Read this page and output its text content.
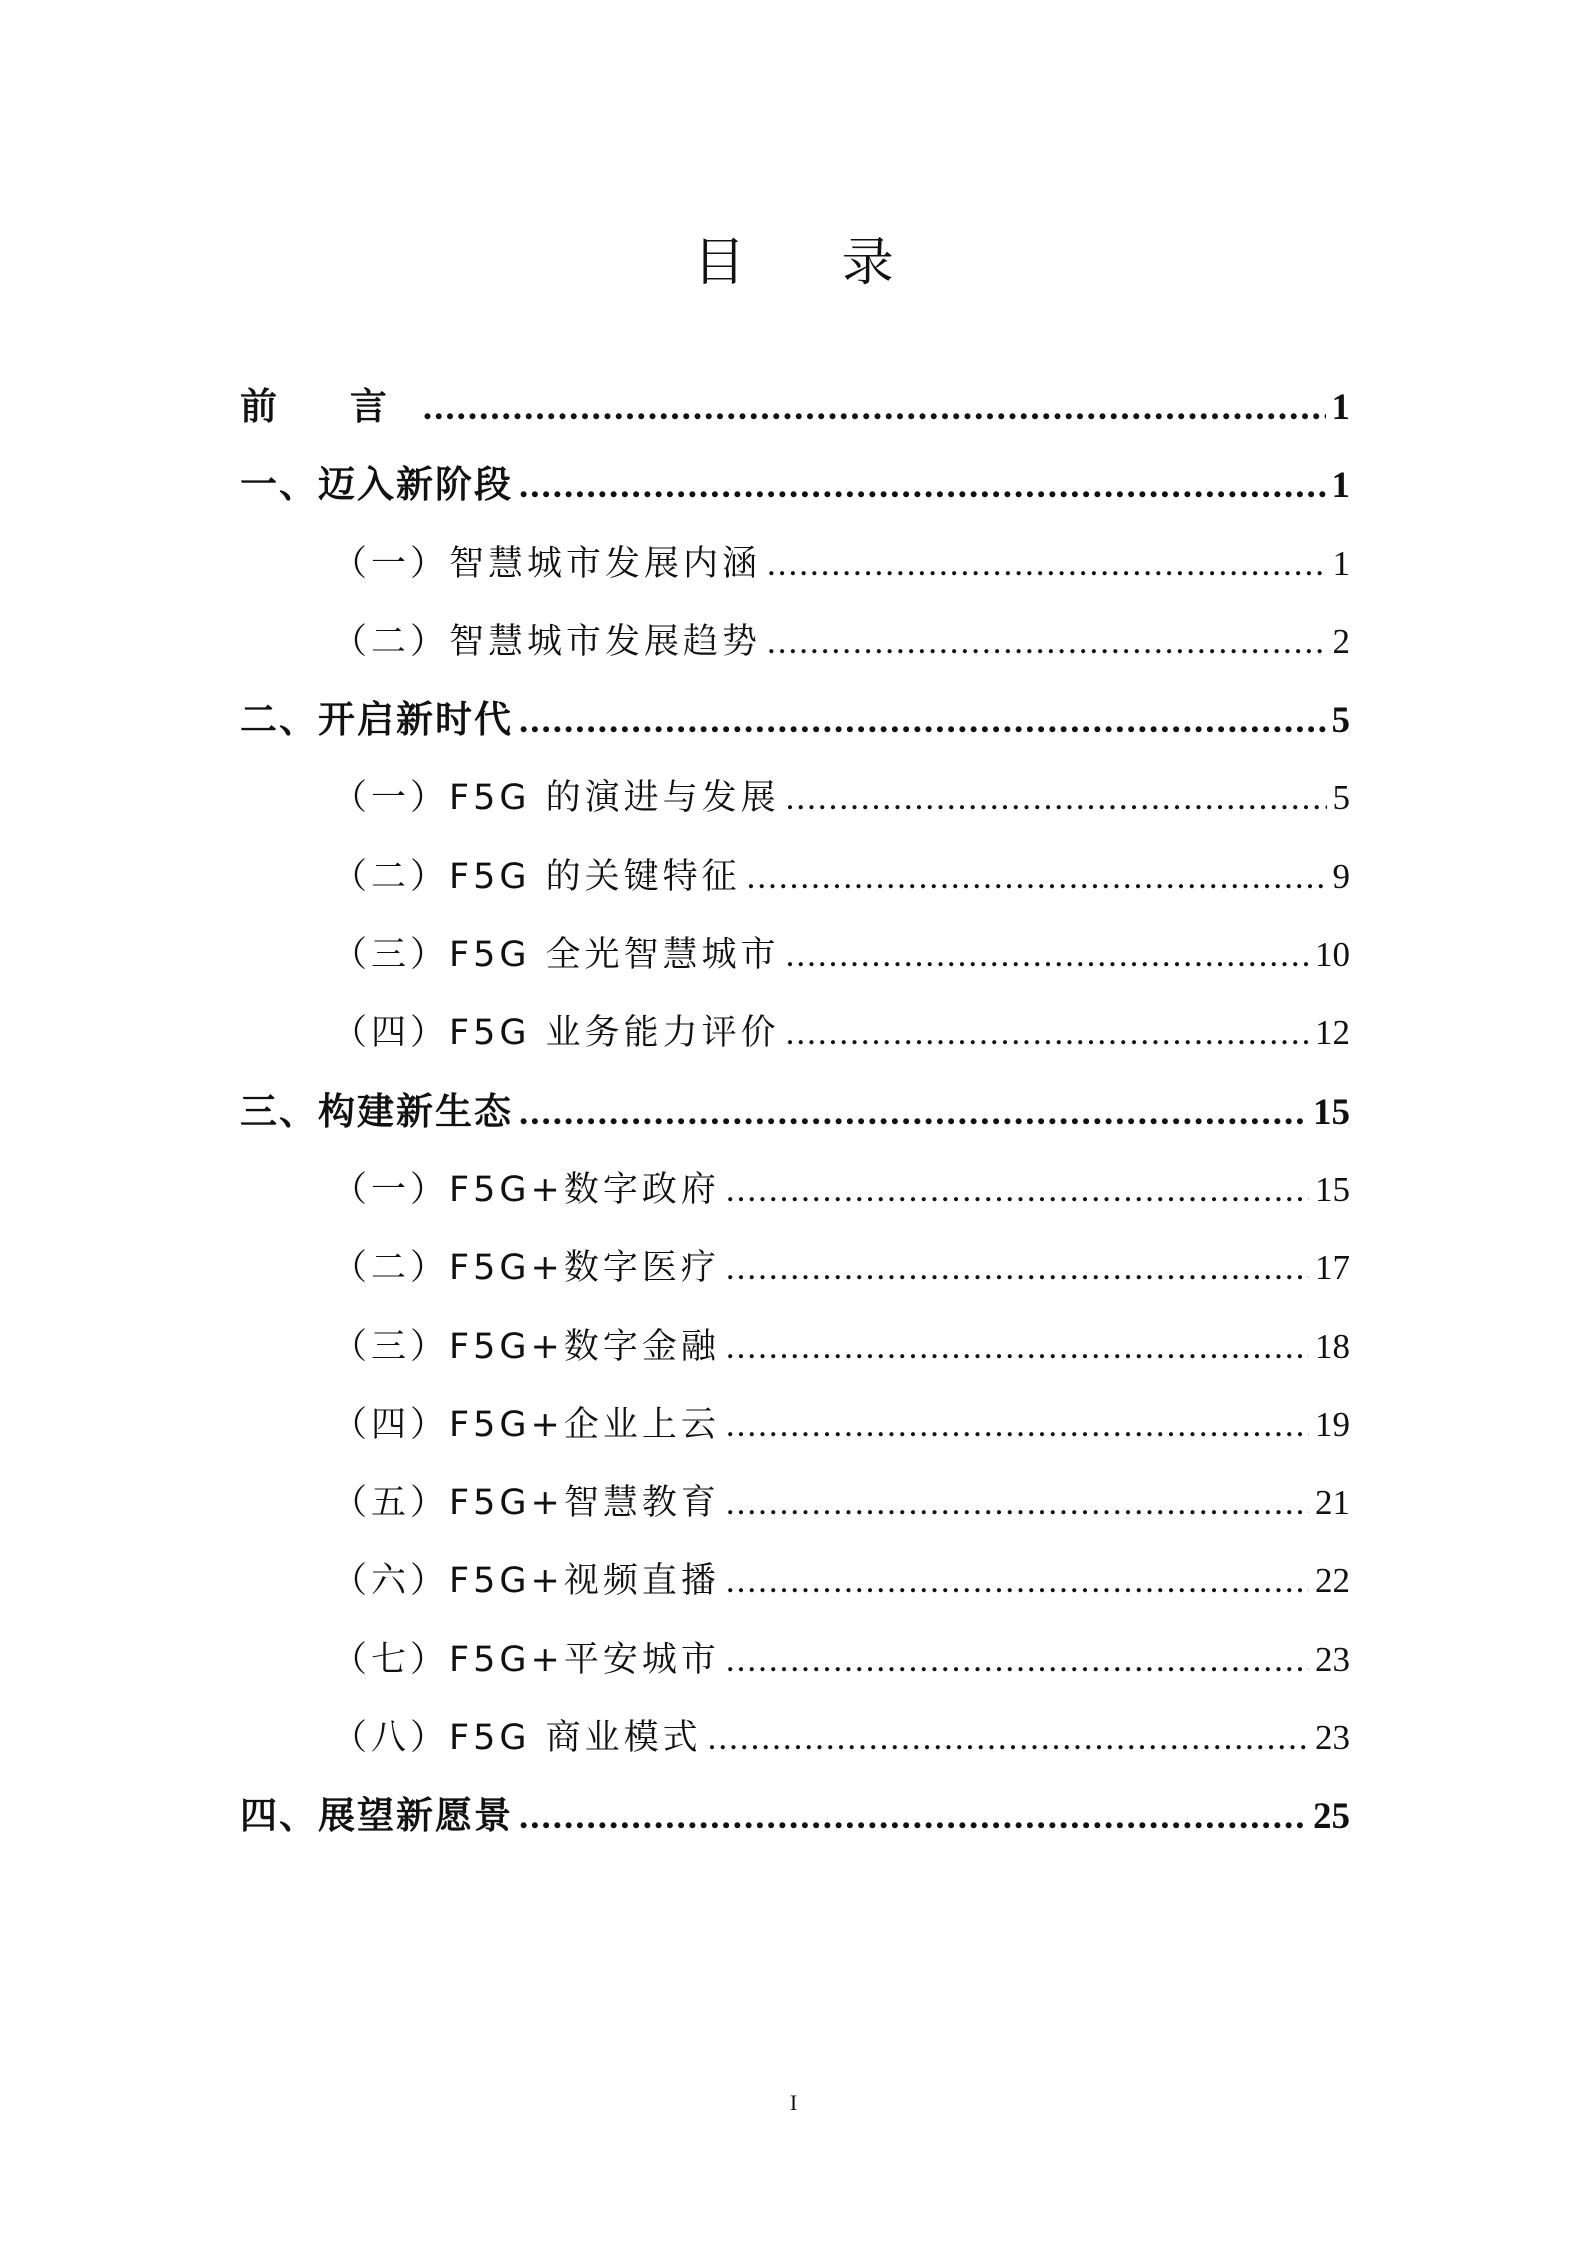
目 录
前 言 .....	1
一、迈入新阶段 .....	1
（一）智慧城市发展内涵 .....	1
（二）智慧城市发展趋势 .....	2
二、开启新时代 .....	5
（一）F5G 的演进与发展 .....	5
（二）F5G 的关键特征 .....	9
（三）F5G 全光智慧城市 .....	10
（四）F5G 业务能力评价 .....	12
三、构建新生态 .....	15
（一）F5G+数字政府 .....	15
（二）F5G+数字医疗 .....	17
（三）F5G+数字金融 .....	18
（四）F5G+企业上云 .....	19
（五）F5G+智慧教育 .....	21
（六）F5G+视频直播 .....	22
（七）F5G+平安城市 .....	23
（八）F5G 商业模式 .....	23
四、展望新愿景 .....	25
I
